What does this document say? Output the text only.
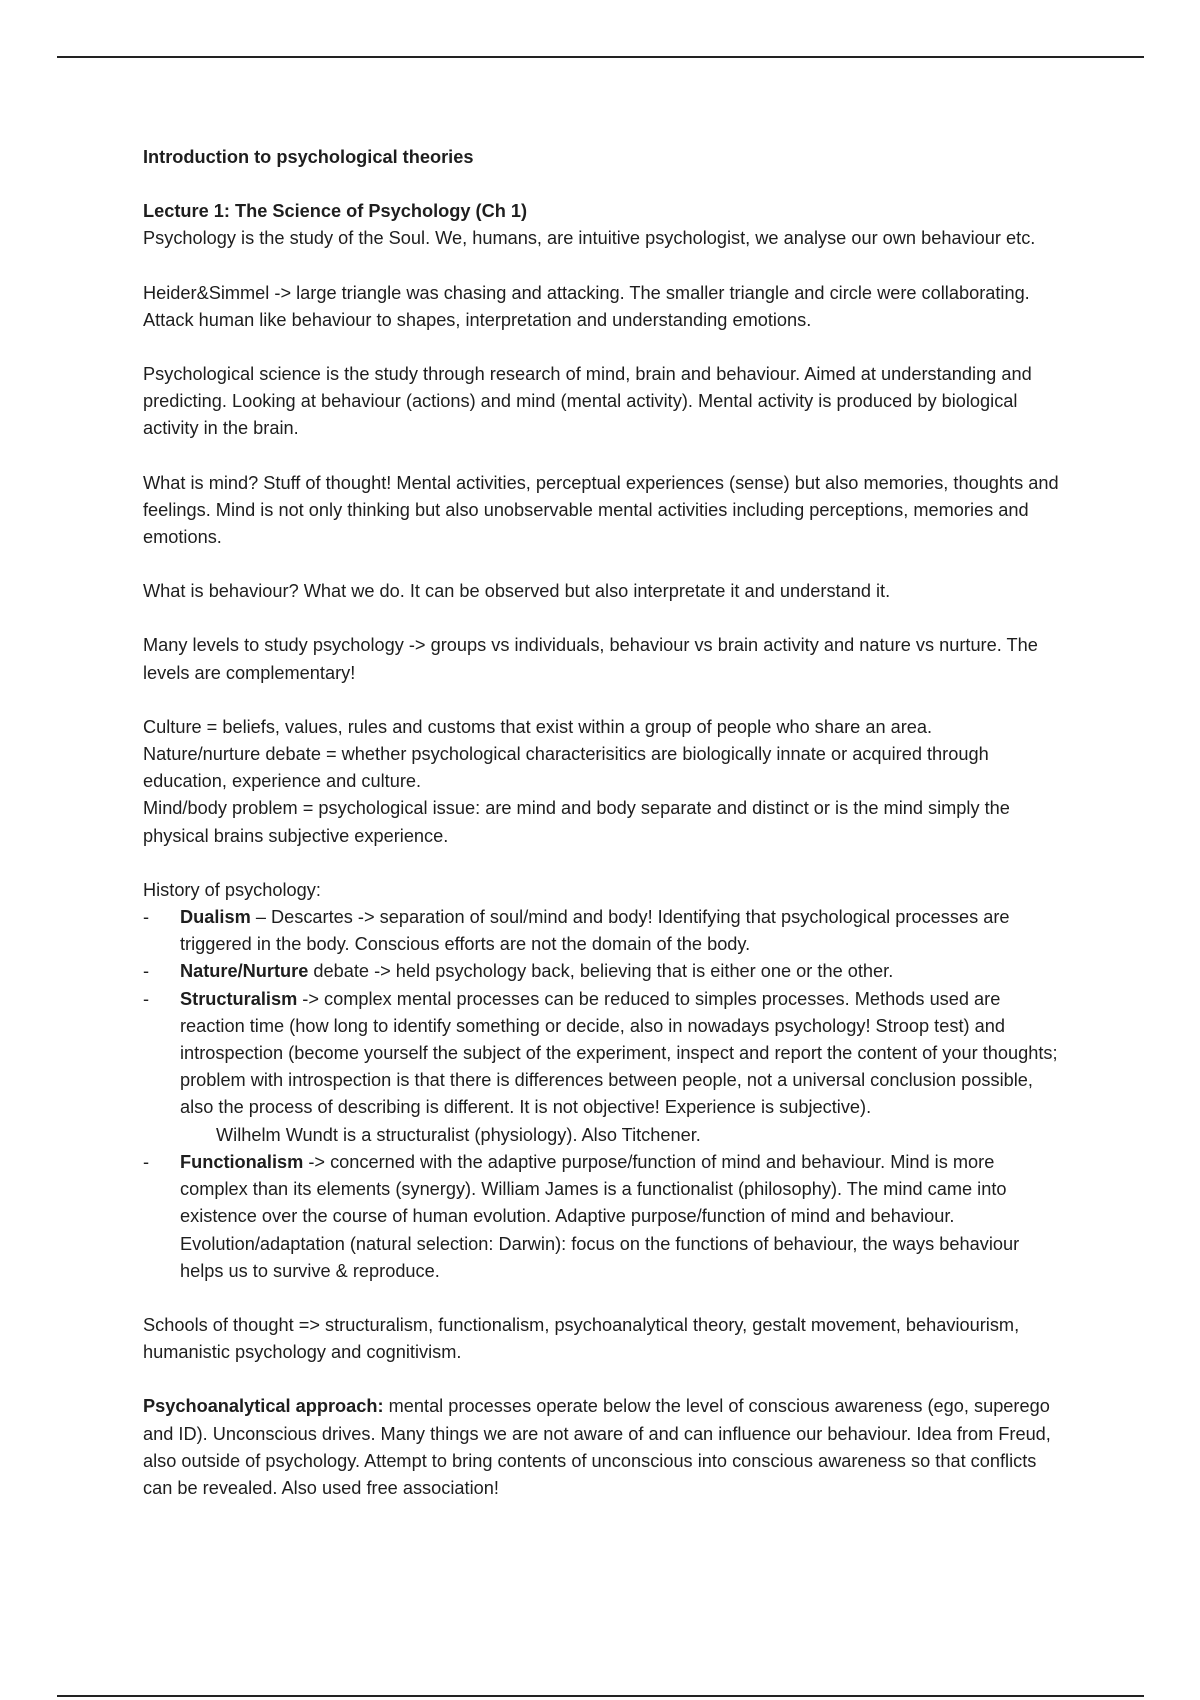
Introduction to psychological theories

Lecture 1: The Science of Psychology (Ch 1)

Psychology is the study of the Soul. We, humans, are intuitive psychologist, we analyse our own behaviour etc.

Heider&Simmel -> large triangle was chasing and attacking. The smaller triangle and circle were collaborating. Attack human like behaviour to shapes, interpretation and understanding emotions.

Psychological science is the study through research of mind, brain and behaviour. Aimed at understanding and predicting. Looking at behaviour (actions) and mind (mental activity). Mental activity is produced by biological activity in the brain.

What is mind? Stuff of thought! Mental activities, perceptual experiences (sense) but also memories, thoughts and feelings. Mind is not only thinking but also unobservable mental activities including perceptions, memories and emotions.

What is behaviour? What we do. It can be observed but also interpretate it and understand it.

Many levels to study psychology -> groups vs individuals, behaviour vs brain activity and nature vs nurture. The levels are complementary!

Culture = beliefs, values, rules and customs that exist within a group of people who share an area.

Nature/nurture debate = whether psychological characterisitics are biologically innate or acquired through education, experience and culture.

Mind/body problem = psychological issue: are mind and body separate and distinct or is the mind simply the physical brains subjective experience.

History of psychology:

- Dualism – Descartes -> separation of soul/mind and body! Identifying that psychological processes are triggered in the body. Conscious efforts are not the domain of the body.
- Nature/Nurture debate -> held psychology back, believing that is either one or the other.
- Structuralism -> complex mental processes can be reduced to simples processes. Methods used are reaction time (how long to identify something or decide, also in nowadays psychology! Stroop test) and introspection (become yourself the subject of the experiment, inspect and report the content of your thoughts; problem with introspection is that there is differences between people, not a universal conclusion possible, also the process of describing is different. It is not objective! Experience is subjective).

Wilhelm Wundt is a structuralist (physiology). Also Titchener.

- Functionalism -> concerned with the adaptive purpose/function of mind and behaviour. Mind is more complex than its elements (synergy). William James is a functionalist (philosophy). The mind came into existence over the course of human evolution. Adaptive purpose/function of mind and behaviour. Evolution/adaptation (natural selection: Darwin): focus on the functions of behaviour, the ways behaviour helps us to survive & reproduce.

Schools of thought => structuralism, functionalism, psychoanalytical theory, gestalt movement, behaviourism, humanistic psychology and cognitivism.

Psychoanalytical approach: mental processes operate below the level of conscious awareness (ego, superego and ID). Unconscious drives. Many things we are not aware of and can influence our behaviour. Idea from Freud, also outside of psychology. Attempt to bring contents of unconscious into conscious awareness so that conflicts can be revealed. Also used free association!
